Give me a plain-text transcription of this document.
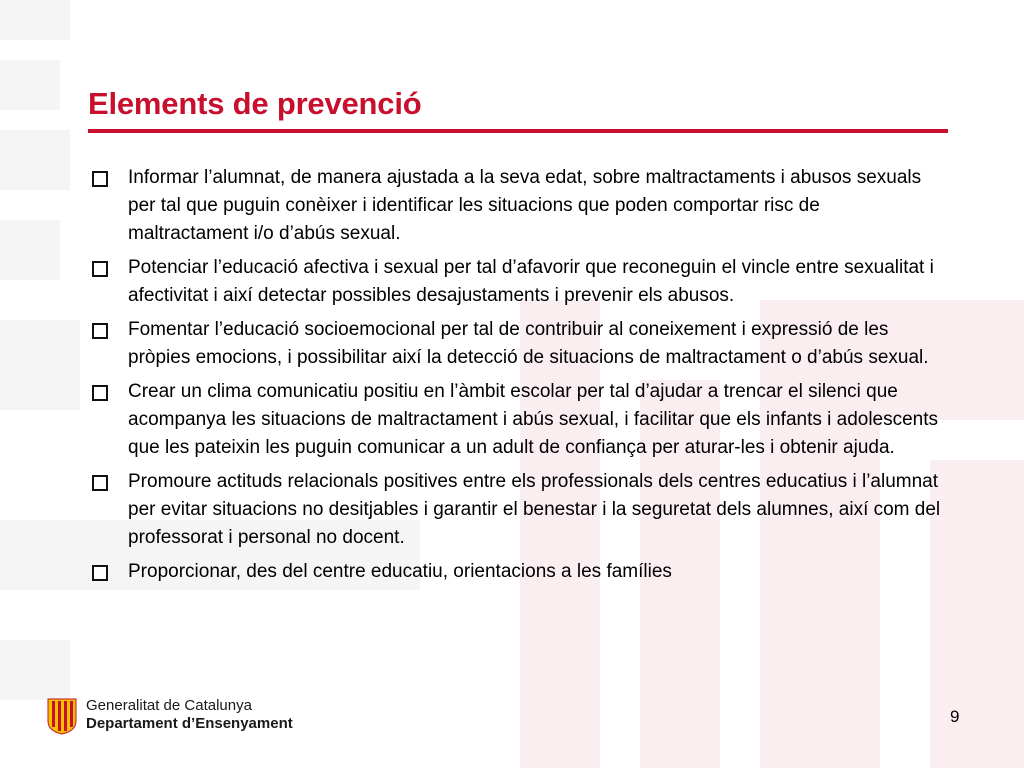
Elements de prevenció
Informar l’alumnat, de manera ajustada a la seva edat, sobre maltractaments i abusos sexuals per tal que puguin conèixer i identificar les situacions que poden comportar risc de maltractament i/o d’abús sexual.
Potenciar l’educació afectiva i sexual per tal d’afavorir que reconeguin el vincle entre sexualitat i afectivitat i així detectar possibles desajustaments i prevenir els abusos.
Fomentar l’educació socioemocional per tal de contribuir al coneixement i expressió de les pròpies emocions, i possibilitar així la detecció de situacions de maltractament o d’abús sexual.
Crear un clima comunicatiu positiu en l’àmbit escolar per tal d’ajudar a trencar el silenci que acompanya les situacions de maltractament i abús sexual, i facilitar que els infants i adolescents que les pateixin les puguin comunicar a un adult de confiança per aturar-les i obtenir ajuda.
Promoure actituds relacionals positives entre els professionals dels centres educatius i l’alumnat per evitar situacions no desitjables i garantir el benestar i la seguretat dels alumnes, així com del professorat i personal no docent.
Proporcionar, des del centre educatiu, orientacions a les famílies
Generalitat de Catalunya
Departament d’Ensenyament	9
